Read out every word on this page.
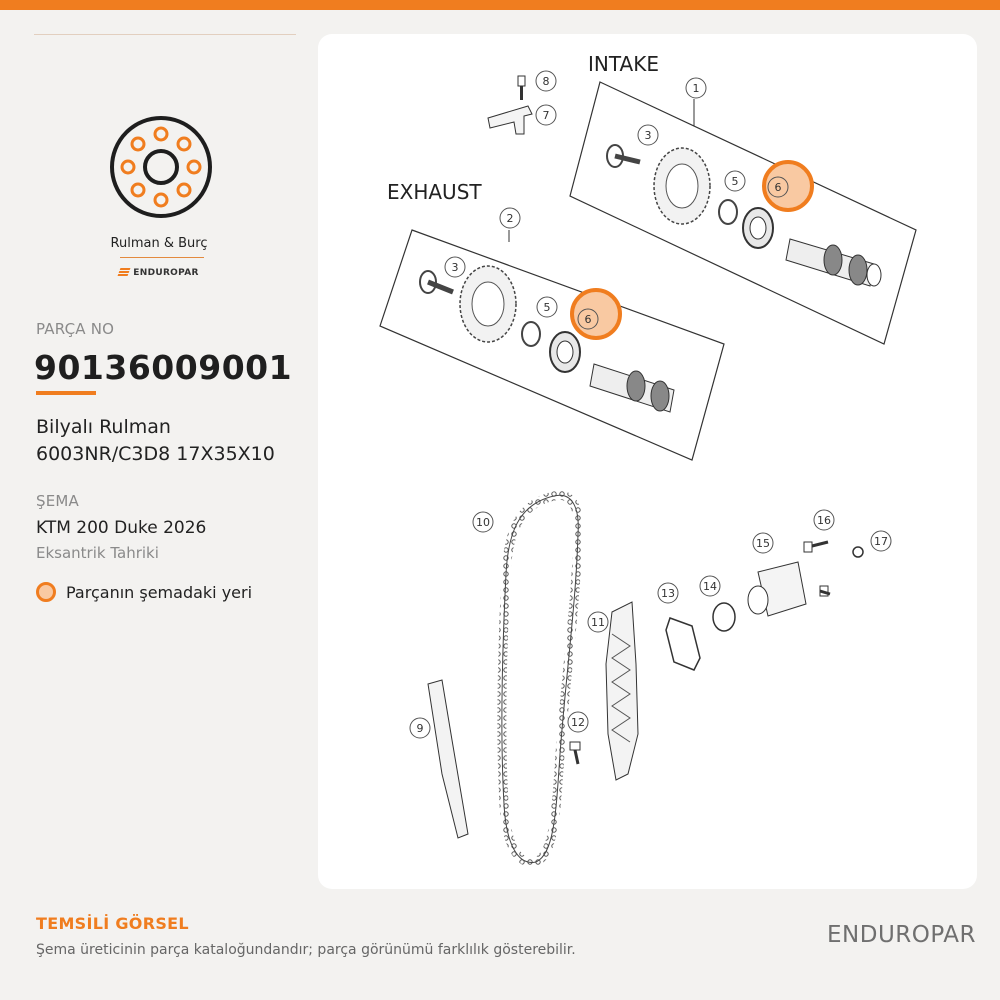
Rulman & Burç
ENDUROPAR
PARÇA NO
90136009001
Bilyalı Rulman
6003NR/C3D8 17X35X10
ŞEMA
KTM 200 Duke 2026
Eksantrik Tahriki
Parçanın şemadaki yeri
INTAKE
EXHAUST
1
2
3
3
5
5
6
6
7
8
9
10
11
12
13
14
15
16
17
TEMSİLİ GÖRSEL
Şema üreticinin parça kataloğundandır; parça görünümü farklılık gösterebilir.
ENDUROPAR
